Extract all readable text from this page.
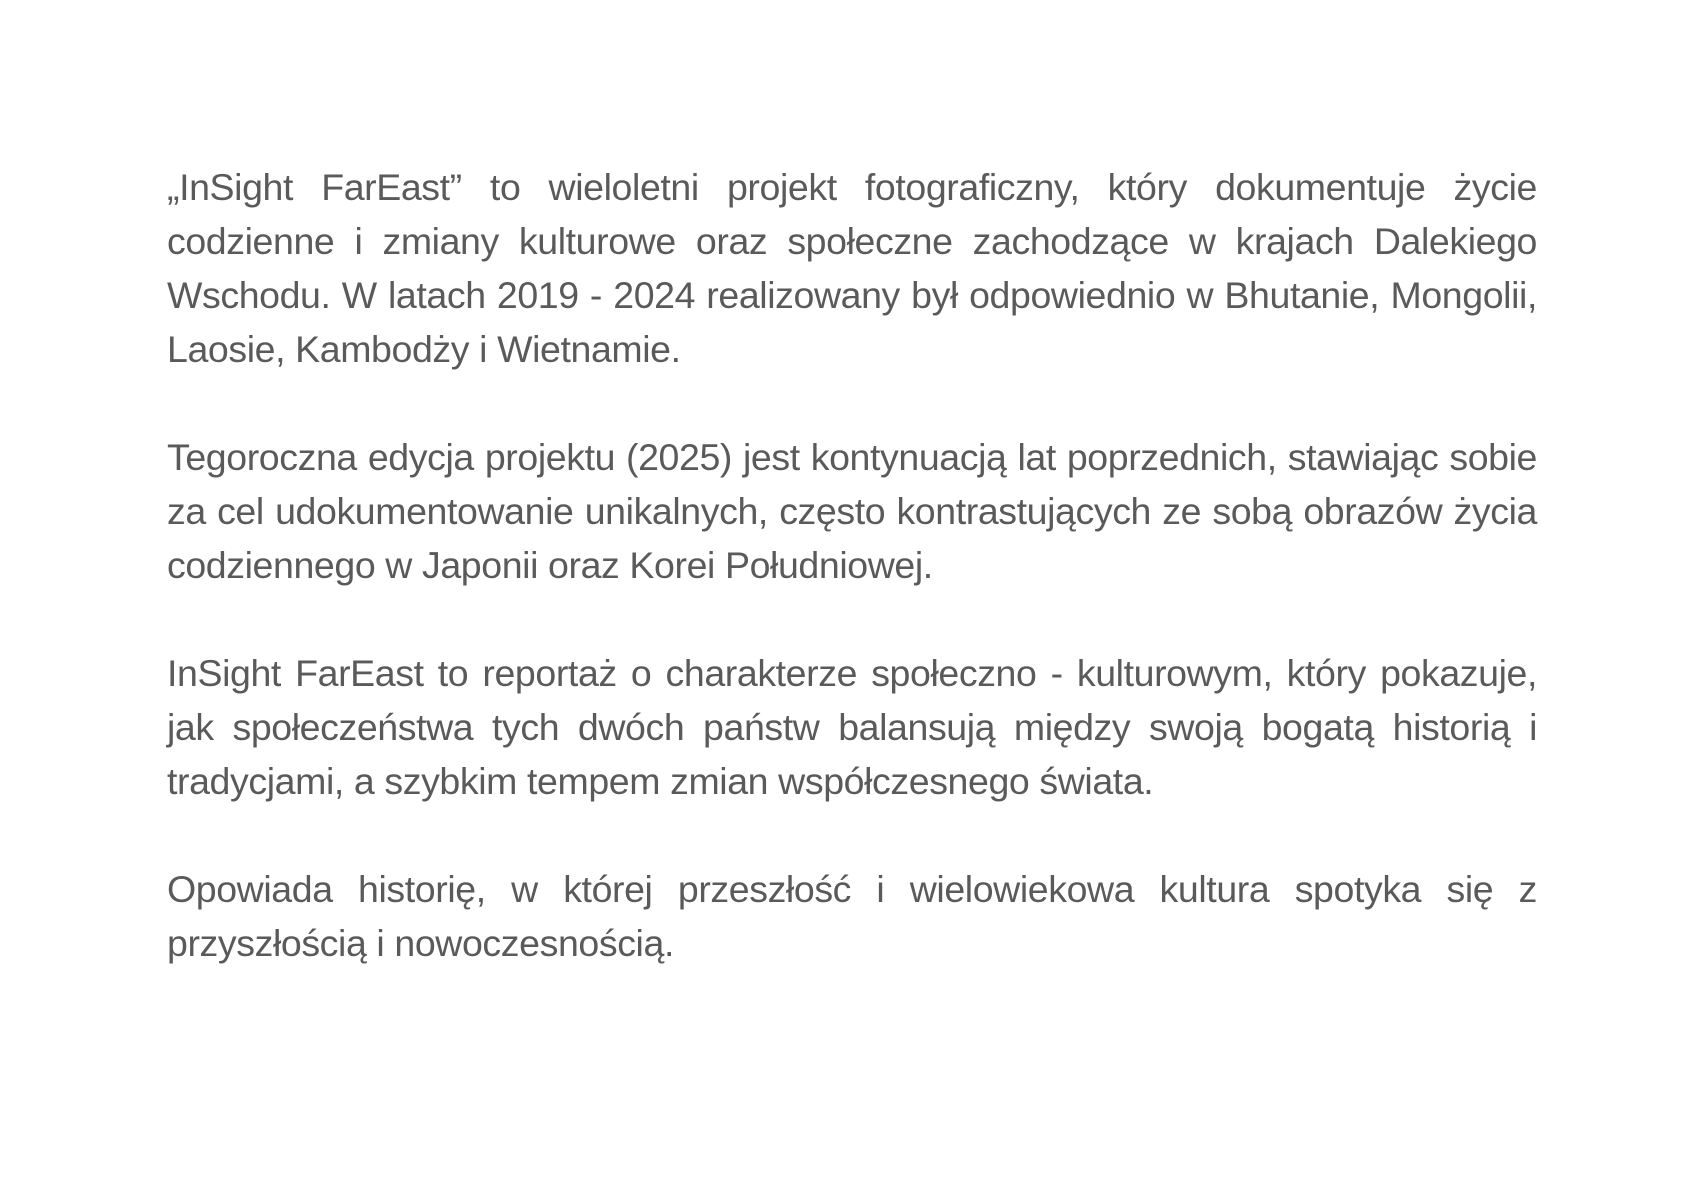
„InSight FarEast” to wieloletni projekt fotograficzny, który dokumentuje życie codzienne i zmiany kulturowe oraz społeczne zachodzące w krajach Dalekiego Wschodu. W latach 2019 - 2024 realizowany był odpowiednio w Bhutanie, Mongolii, Laosie, Kambodży i Wietnamie.

Tegoroczna edycja projektu (2025) jest kontynuacją lat poprzednich, stawiając sobie za cel udokumentowanie unikalnych, często kontrastujących ze sobą obrazów życia codziennego w Japonii oraz Korei Południowej.

InSight FarEast to reportaż o charakterze społeczno - kulturowym, który pokazuje, jak społeczeństwa tych dwóch państw balansują między swoją bogatą historią i tradycjami, a szybkim tempem zmian współczesnego świata.

Opowiada historię, w której przeszłość i wielowiekowa kultura spotyka się z przyszłością i nowoczesnością.
